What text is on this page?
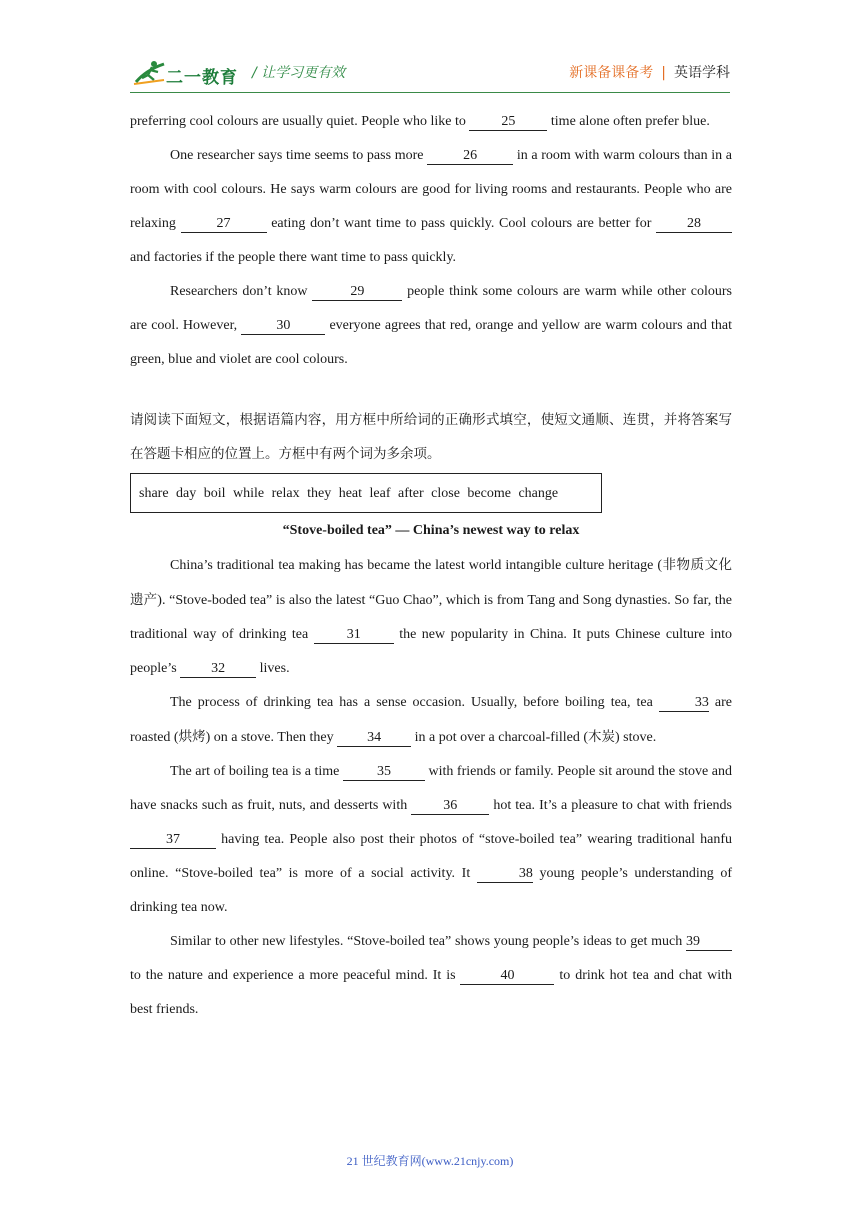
二一教育 / 让学习更有效	新课备课备考 | 英语学科

preferring cool colours are usually quiet. People who like to	25	time alone often prefer blue.

One researcher says time seems to pass more	26	in a room with warm colours than in a room with cool colours. He says warm colours are good for living rooms and restaurants. People who are relaxing	27	eating don’t want time to pass quickly. Cool colours are better for	28 and factories if the people there want time to pass quickly.

Researchers don’t know	29	people think some colours are warm while other colours are cool. However,	30	everyone agrees that red, orange and yellow are warm colours and that green, blue and violet are cool colours.

请阅读下面短文，根据语篇内容，用方框中所给词的正确形式填空，使短文通顺、连贯，并将答案写在答题卡相应的位置上。方框中有两个词为多余项。

share day boil while relax they heat leaf after close become change

“Stove-boiled tea” — China’s newest way to relax

China’s traditional tea making has became the latest world intangible culture heritage (非物质文化遗产). “Stove-boded tea” is also the latest “Guo Chao”, which is from Tang and Song dynasties. So far, the traditional way of drinking tea	31	the new popularity in China. It puts Chinese culture into people’s 32 lives.

The process of drinking tea has a sense occasion. Usually, before boiling tea, tea	33 are roasted (烘烤) on a stove. Then they 34 in a pot over a charcoal-filled (木炭) stove.

The art of boiling tea is a time	35	with friends or family. People sit around the stove and have snacks such as fruit, nuts, and desserts with	36	hot tea. It’s a pleasure to chat with friends 37	having tea. People also post their photos of “stove-boiled tea” wearing traditional hanfu online. “Stove-boiled tea” is more of a social activity. It	38 young people’s understanding of drinking tea now.

Similar to other new lifestyles. “Stove-boiled tea” shows young people’s ideas to get much 39 to the nature and experience a more peaceful mind. It is	40	to drink hot tea and chat with best friends.

21 世纪教育网(www.21cnjy.com)
